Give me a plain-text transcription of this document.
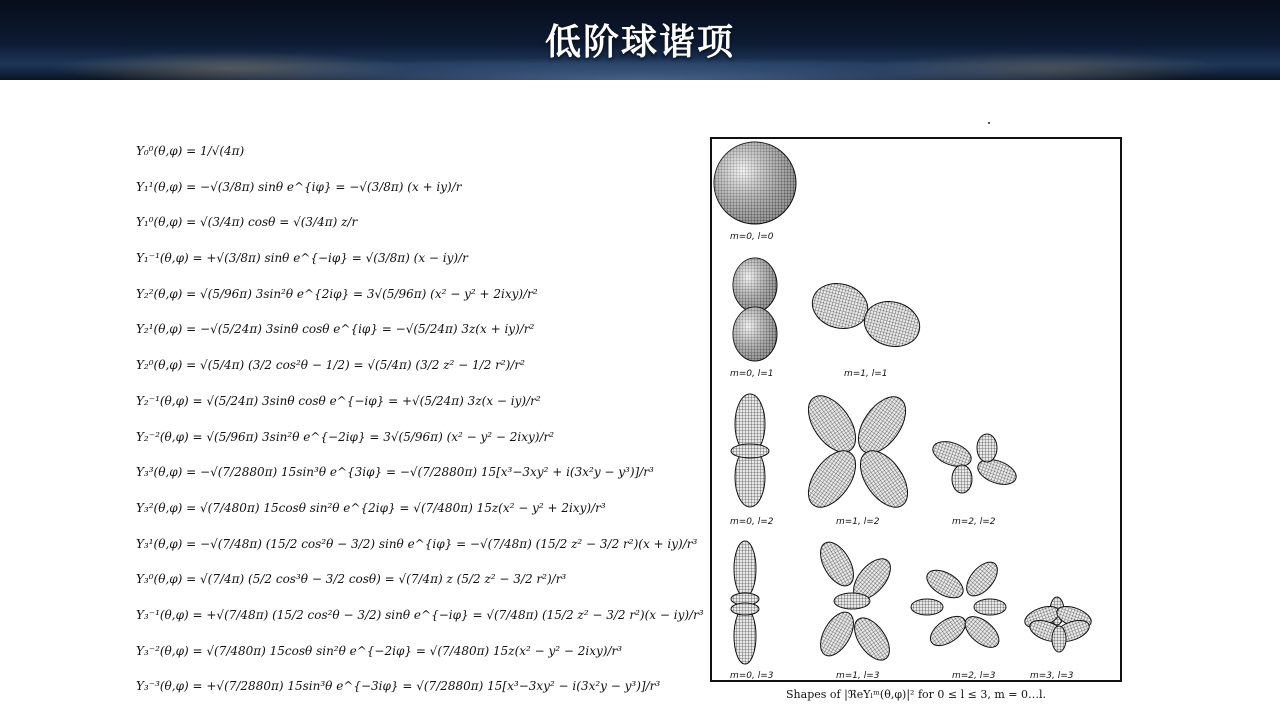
低阶球谐项
Y₀⁰(θ,φ) = 1/√(4π)
Y₁¹(θ,φ) = −√(3/8π) sinθ e^{iφ} = −√(3/8π) (x + iy)/r
Y₁⁰(θ,φ) = √(3/4π) cosθ = √(3/4π) z/r
Y₁⁻¹(θ,φ) = +√(3/8π) sinθ e^{−iφ} = √(3/8π) (x − iy)/r
Y₂²(θ,φ) = √(5/96π) 3sin²θ e^{2iφ} = 3√(5/96π) (x² − y² + 2ixy)/r²
Y₂¹(θ,φ) = −√(5/24π) 3sinθ cosθ e^{iφ} = −√(5/24π) 3z(x + iy)/r²
Y₂⁰(θ,φ) = √(5/4π) (3/2 cos²θ − 1/2) = √(5/4π) (3/2 z² − 1/2 r²)/r²
Y₂⁻¹(θ,φ) = √(5/24π) 3sinθ cosθ e^{−iφ} = +√(5/24π) 3z(x − iy)/r²
Y₂⁻²(θ,φ) = √(5/96π) 3sin²θ e^{−2iφ} = 3√(5/96π) (x² − y² − 2ixy)/r²
Y₃³(θ,φ) = −√(7/2880π) 15sin³θ e^{3iφ} = −√(7/2880π) 15[x³−3xy² + i(3x²y − y³)]/r³
Y₃²(θ,φ) = √(7/480π) 15cosθ sin²θ e^{2iφ} = √(7/480π) 15z(x² − y² + 2ixy)/r³
Y₃¹(θ,φ) = −√(7/48π) (15/2 cos²θ − 3/2) sinθ e^{iφ} = −√(7/48π) (15/2 z² − 3/2 r²)(x + iy)/r³
Y₃⁰(θ,φ) = √(7/4π) (5/2 cos³θ − 3/2 cosθ) = √(7/4π) z (5/2 z² − 3/2 r²)/r³
Y₃⁻¹(θ,φ) = +√(7/48π) (15/2 cos²θ − 3/2) sinθ e^{−iφ} = √(7/48π) (15/2 z² − 3/2 r²)(x − iy)/r³
Y₃⁻²(θ,φ) = √(7/480π) 15cosθ sin²θ e^{−2iφ} = √(7/480π) 15z(x² − y² − 2ixy)/r³
Y₃⁻³(θ,φ) = +√(7/2880π) 15sin³θ e^{−3iφ} = √(7/2880π) 15[x³−3xy² − i(3x²y − y³)]/r³
m=0, l=0
m=0, l=1	m=1, l=1
m=0, l=2	m=1, l=2	m=2, l=2
m=0, l=3	m=1, l=3	m=2, l=3	m=3, l=3
Shapes of |ℜeYₗᵐ(θ,φ)|² for 0 ≤ l ≤ 3, m = 0…l.
